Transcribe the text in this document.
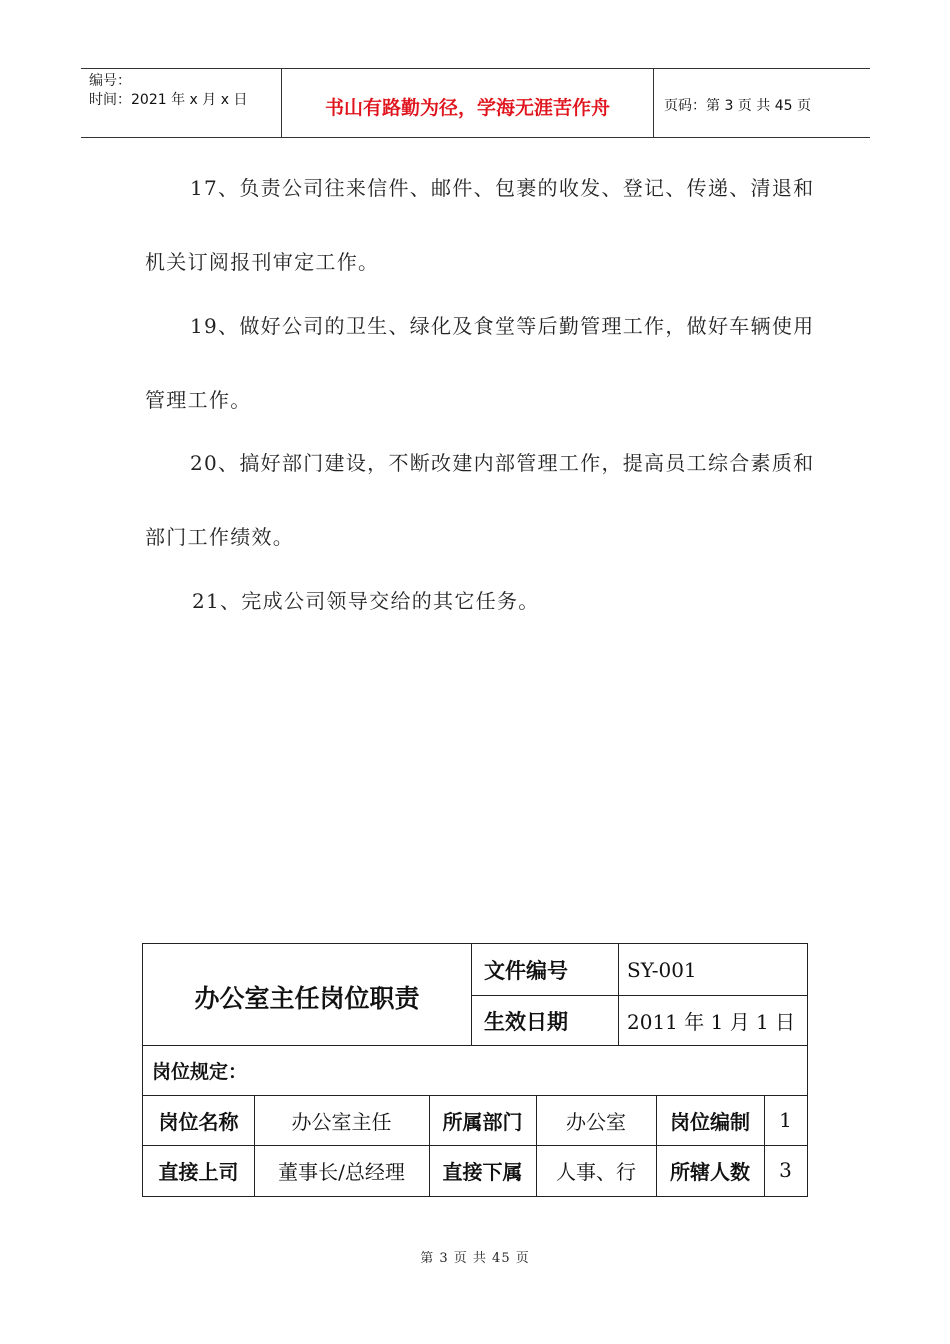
编号：
时间：2021 年 x 月 x 日	书山有路勤为径，学海无涯苦作舟	页码：第 3 页 共 45 页
17、负责公司往来信件、邮件、包裹的收发、登记、传递、清退和
机关订阅报刊审定工作。
19、做好公司的卫生、绿化及食堂等后勤管理工作，做好车辆使用
管理工作。
20、搞好部门建设，不断改建内部管理工作，提高员工综合素质和
部门工作绩效。
21、完成公司领导交给的其它任务。
办公室主任岗位职责
文件编号	SY-001
生效日期	2011 年 1 月 1 日
岗位规定：
岗位名称	办公室主任	所属部门	办公室	岗位编制	1
直接上司	董事长/总经理	直接下属	人事、行	所辖人数	3
第 3 页 共 45 页
